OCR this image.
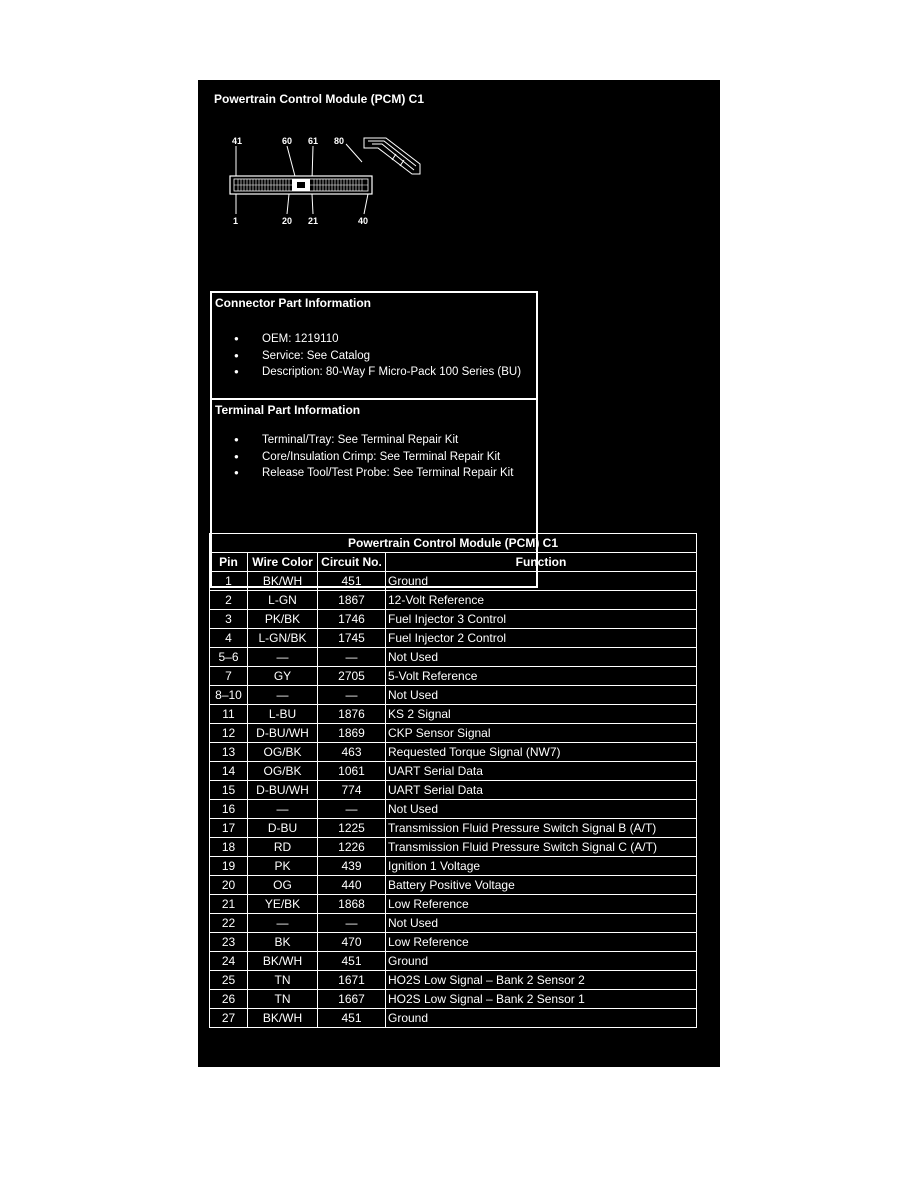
Powertrain Control Module (PCM) C1
41	60 61 80
1	20 21	40
Connector Part Information
● OEM: 1219110
● Service: See Catalog
● Description: 80-Way F Micro-Pack 100 Series (BU)
Terminal Part Information
● Terminal/Tray: See Terminal Repair Kit
● Core/Insulation Crimp: See Terminal Repair Kit
● Release Tool/Test Probe: See Terminal Repair Kit
Powertrain Control Module (PCM) C1			
Pin	Wire Color	Circuit No.	Function
1	BK/WH	451	Ground
2	L-GN	1867	12-Volt Reference
3	PK/BK	1746	Fuel Injector 3 Control
4	L-GN/BK	1745	Fuel Injector 2 Control
5–6	—	—	Not Used
7	GY	2705	5-Volt Reference
8–10	—	—	Not Used
11	L-BU	1876	KS 2 Signal
12	D-BU/WH	1869	CKP Sensor Signal
13	OG/BK	463	Requested Torque Signal (NW7)
14	OG/BK	1061	UART Serial Data
15	D-BU/WH	774	UART Serial Data
16	—	—	Not Used
17	D-BU	1225	Transmission Fluid Pressure Switch Signal B (A/T)
18	RD	1226	Transmission Fluid Pressure Switch Signal C (A/T)
19	PK	439	Ignition 1 Voltage
20	OG	440	Battery Positive Voltage
21	YE/BK	1868	Low Reference
22	—	—	Not Used
23	BK	470	Low Reference
24	BK/WH	451	Ground
25	TN	1671	HO2S Low Signal – Bank 2 Sensor 2
26	TN	1667	HO2S Low Signal – Bank 2 Sensor 1
27	BK/WH	451	Ground
